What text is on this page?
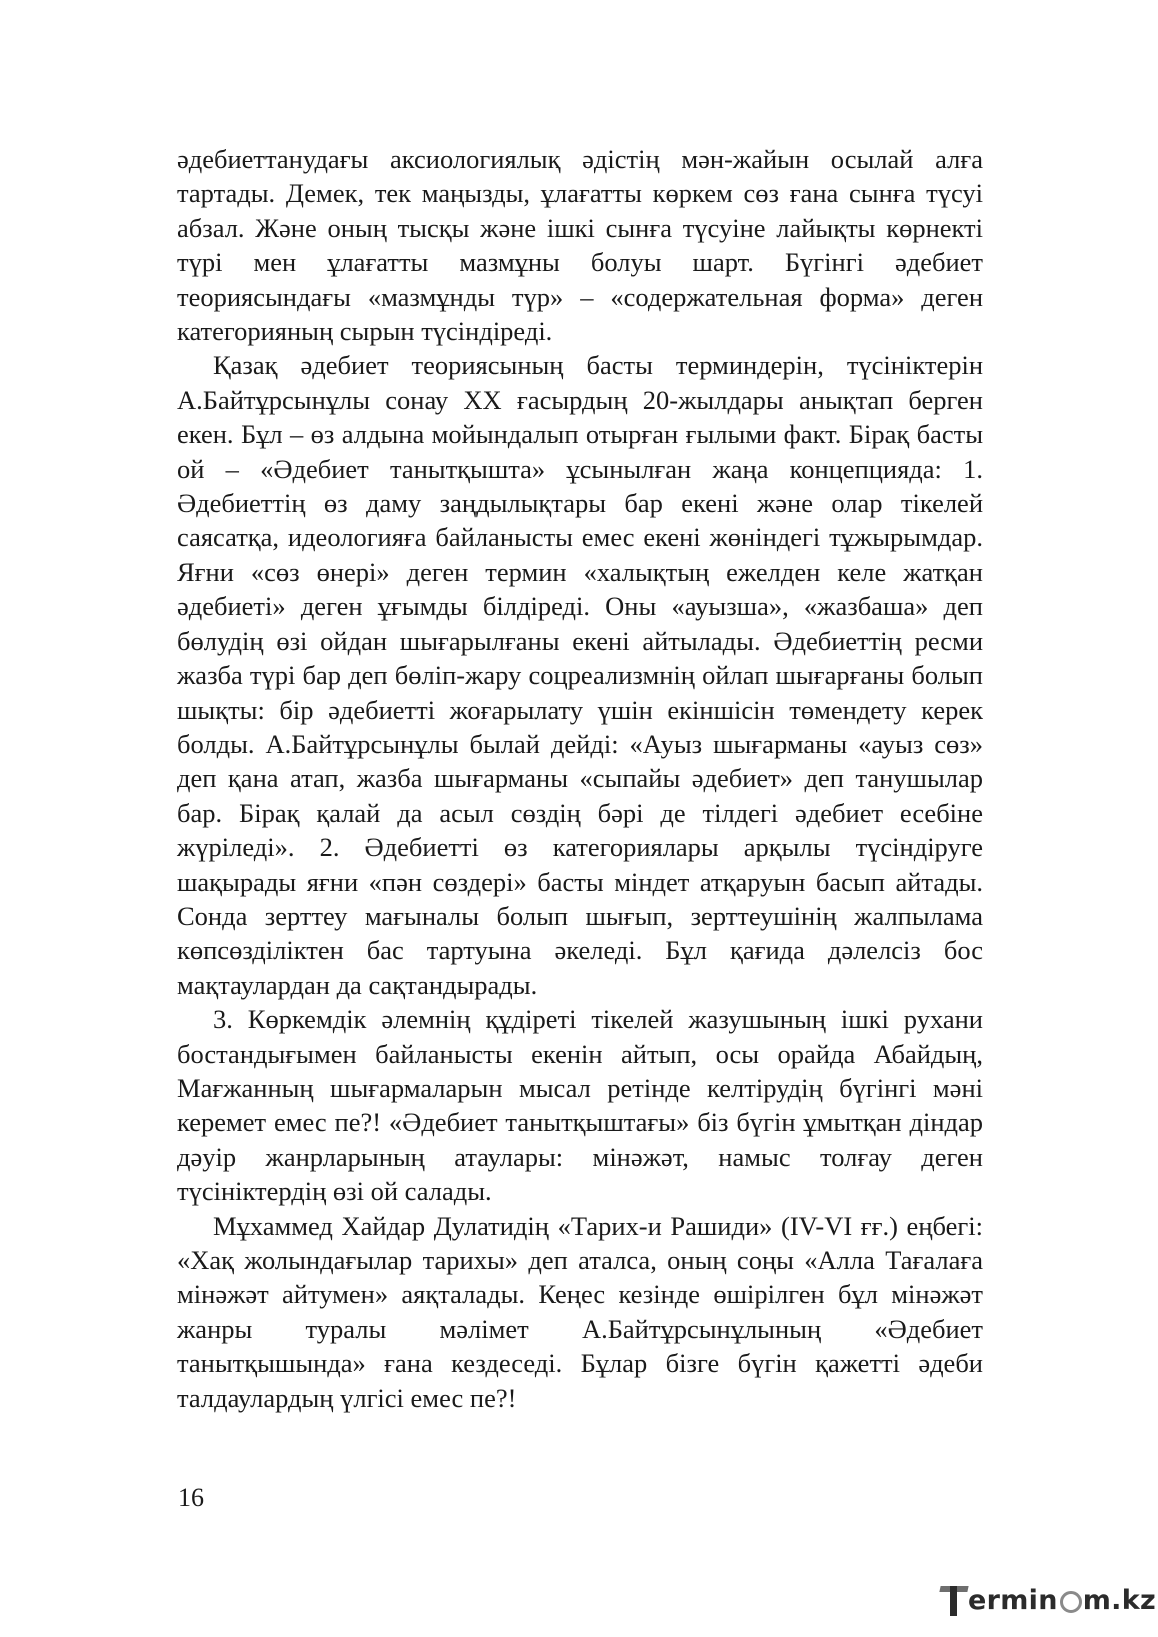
әдебиеттанудағы аксиологиялық әдістің мән-жайын осылай алға тартады. Демек, тек маңызды, ұлағатты көркем сөз ғана сынға түсуі абзал. Және оның тысқы және ішкі сынға түсуіне лайықты көрнекті түрі мен ұлағатты мазмұны болуы шарт. Бүгінгі әдебиет теориясындағы «мазмұнды түр» – «содержательная форма» деген категорияның сырын түсіндіреді.

Қазақ әдебиет теориясының басты терминдерін, түсініктерін А.Байтұрсынұлы сонау ХХ ғасырдың 20-жылдары анықтап берген екен. Бұл – өз алдына мойындалып отырған ғылыми факт. Бірақ басты ой – «Әдебиет танытқышта» ұсынылған жаңа концепцияда: 1. Әдебиеттің өз даму заңдылықтары бар екені және олар тікелей саясатқа, идеологияға байланысты емес екені жөніндегі тұжырымдар. Яғни «сөз өнері» деген термин «халықтың ежелден келе жатқан әдебиеті» деген ұғымды білдіреді. Оны «ауызша», «жазбаша» деп бөлудің өзі ойдан шығарылғаны екені айтылады. Әдебиеттің ресми жазба түрі бар деп бөліп-жару соцреализмнің ойлап шығарғаны болып шықты: бір әдебиетті жоғарылату үшін екіншісін төмендету керек болды. А.Байтұрсынұлы былай дейді: «Ауыз шығарманы «ауыз сөз» деп қана атап, жазба шығарманы «сыпайы әдебиет» деп танушылар бар. Бірақ қалай да асыл сөздің бәрі де тілдегі әдебиет есебіне жүріледі». 2. Әдебиетті өз категориялары арқылы түсіндіруге шақырады яғни «пән сөздері» басты міндет атқаруын басып айтады. Сонда зерттеу мағыналы болып шығып, зерттеушінің жалпылама көпсөзділіктен бас тартуына әкеледі. Бұл қағида дәлелсіз бос мақтаулардан да сақтандырады.

3. Көркемдік әлемнің құдіреті тікелей жазушының ішкі рухани бостандығымен байланысты екенін айтып, осы орайда Абайдың, Мағжанның шығармаларын мысал ретінде келтірудің бүгінгі мәні керемет емес пе?! «Әдебиет танытқыштағы» біз бүгін ұмытқан діндар дәуір жанрларының атаулары: мінәжәт, намыс толғау деген түсініктердің өзі ой салады.

Мұхаммед Хайдар Дулатидің «Тарих-и Рашиди» (IV-VI ғғ.) еңбегі: «Хақ жолындағылар тарихы» деп аталса, оның соңы «Алла Тағалаға мінәжәт айтумен» аяқталады. Кеңес кезінде өшірілген бұл мінәжәт жанры туралы мәлімет А.Байтұрсынұлының «Әдебиет танытқышында» ғана кездеседі. Бұлар бізге бүгін қажетті әдеби талдаулардың үлгісі емес пе?!

16
ermin m.kz
